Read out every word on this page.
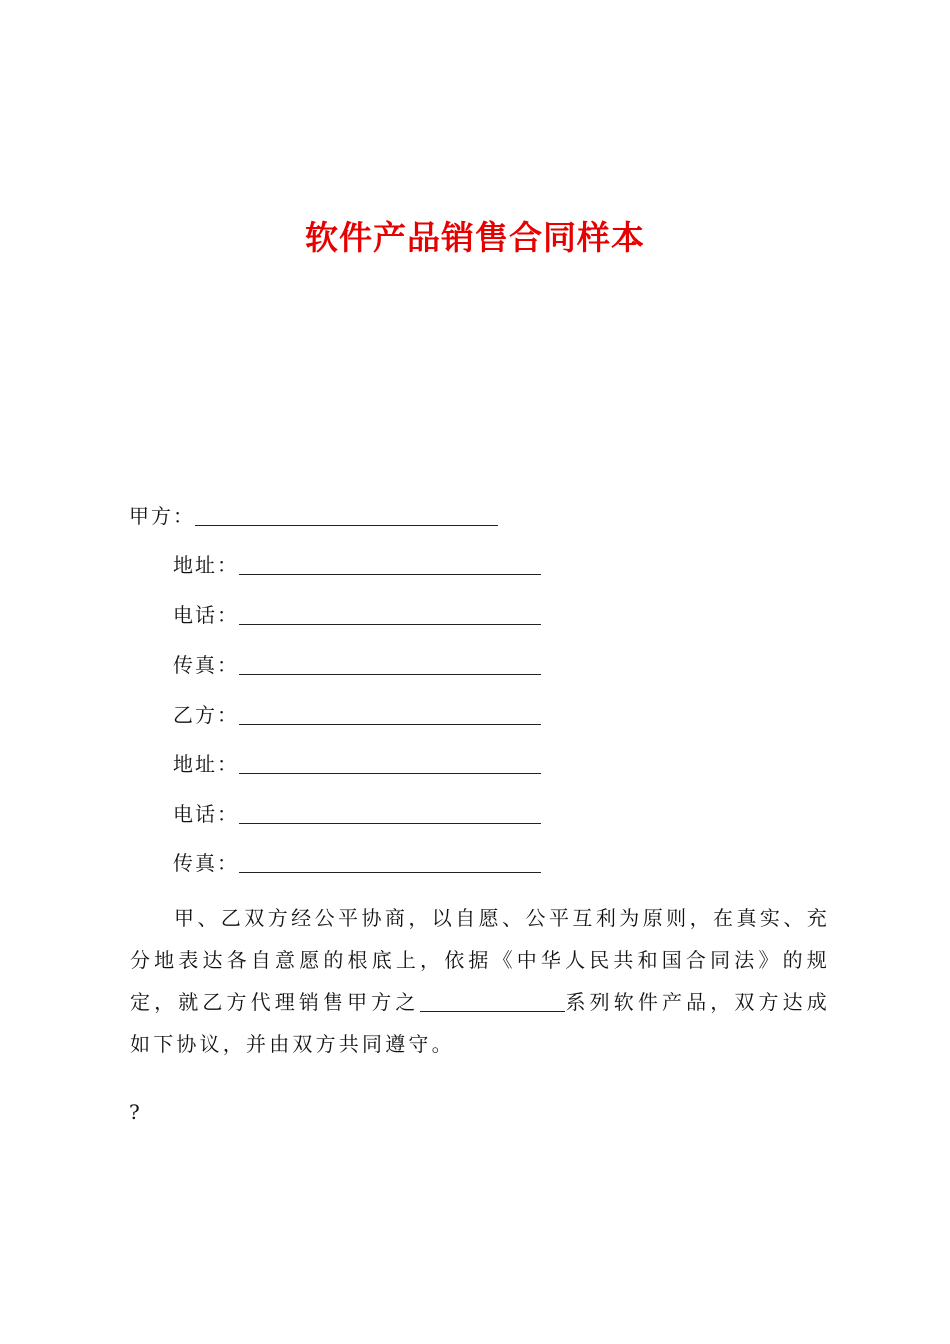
软件产品销售合同样本
甲方：
地址：
电话：
传真：
乙方：
地址：
电话：
传真：
甲、乙双方经公平协商，以自愿、公平互利为原则，在真实、充分地表达各自意愿的根底上，依据《中华人民共和国合同法》的规定，就乙方代理销售甲方之	系列软件产品，双方达成如下协议，并由双方共同遵守。
?
